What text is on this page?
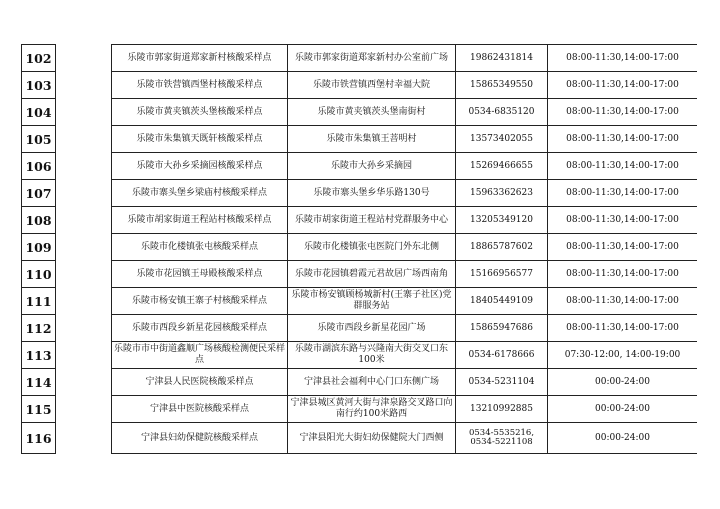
102		乐陵市郭家街道郑家新村核酸采样点	乐陵市郭家街道郑家新村办公室前广场	19862431814	08:00-11:30,14:00-17:00
103		乐陵市铁营镇西堡村核酸采样点	乐陵市铁营镇西堡村幸福大院	15865349550	08:00-11:30,14:00-17:00
104		乐陵市黄夹镇茨头堡核酸采样点	乐陵市黄夹镇茨头堡南街村	0534-6835120	08:00-11:30,14:00-17:00
105		乐陵市朱集镇天既轩核酸采样点	乐陵市朱集镇王菩明村	13573402055	08:00-11:30,14:00-17:00
106		乐陵市大孙乡采摘园核酸采样点	乐陵市大孙乡采摘园	15269466655	08:00-11:30,14:00-17:00
107		乐陵市寨头堡乡梁庙村核酸采样点	乐陵市寨头堡乡华乐路130号	15963362623	08:00-11:30,14:00-17:00
108		乐陵市胡家街道王程站村核酸采样点	乐陵市胡家街道王程站村党群服务中心	13205349120	08:00-11:30,14:00-17:00
109		乐陵市化楼镇张屯核酸采样点	乐陵市化楼镇张屯医院门外东北侧	18865787602	08:00-11:30,14:00-17:00
110		乐陵市花园镇王母殿核酸采样点	乐陵市花园镇碧霞元君故居广场西南角	15166956577	08:00-11:30,14:00-17:00
111		乐陵市杨安镇王寨子村核酸采样点	乐陵市杨安镇顾杨城新村(王寨子社区)党群服务站	18405449109	08:00-11:30,14:00-17:00
112		乐陵市西段乡新星花园核酸采样点	乐陵市西段乡新星花园广场	15865947686	08:00-11:30,14:00-17:00
113		乐陵市市中街道鑫顺广场核酸检测便民采样点	乐陵市湖滨东路与兴隆南大街交叉口东100米	0534-6178666	07:30-12:00, 14:00-19:00
114		宁津县人民医院核酸采样点	宁津县社会福利中心门口东侧广场	0534-5231104	00:00-24:00
115		宁津县中医院核酸采样点	宁津县城区黄河大街与津泉路交叉路口向南行约100米路西	13210992885	00:00-24:00
116		宁津县妇幼保健院核酸采样点	宁津县阳光大街妇幼保健院大门西侧	0534-5535216, 0534-5221108	00:00-24:00
